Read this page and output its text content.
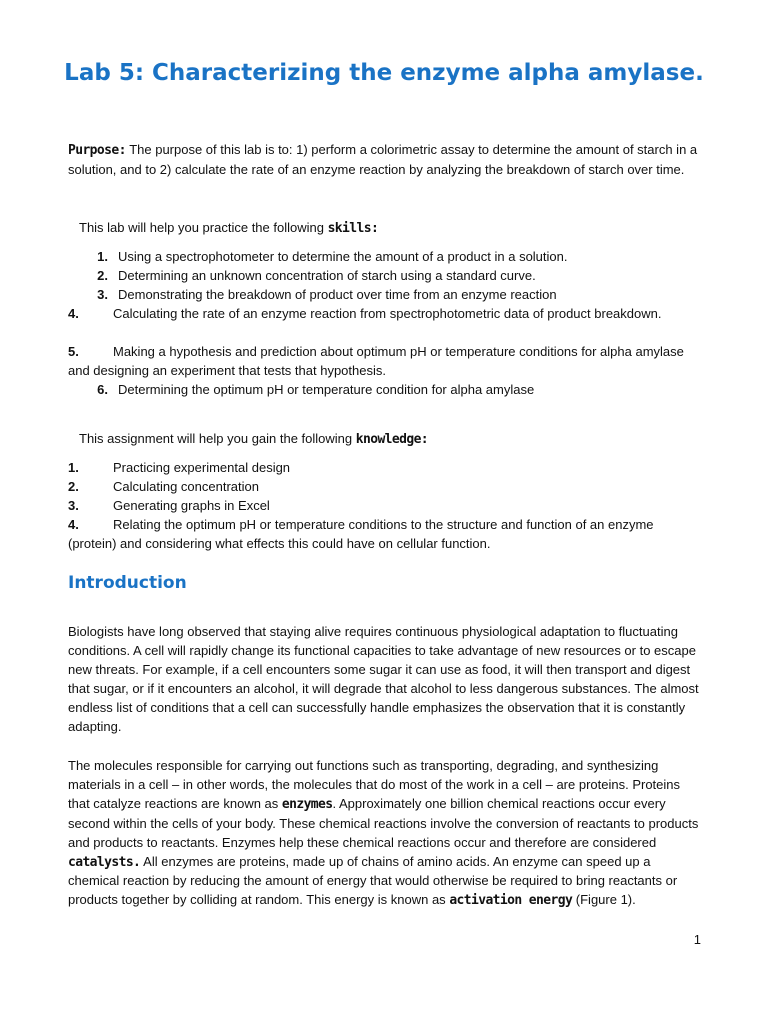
Lab 5: Characterizing the enzyme alpha amylase.

Purpose: The purpose of this lab is to: 1) perform a colorimetric assay to determine the amount of starch in a solution, and to 2) calculate the rate of an enzyme reaction by analyzing the breakdown of starch over time.

This lab will help you practice the following skills:

1. Using a spectrophotometer to determine the amount of a product in a solution.
2. Determining an unknown concentration of starch using a standard curve.
3. Demonstrating the breakdown of product over time from an enzyme reaction
4.	Calculating the rate of an enzyme reaction from spectrophotometric data of product breakdown.
5.	Making a hypothesis and prediction about optimum pH or temperature conditions for alpha amylase and designing an experiment that tests that hypothesis.
6. Determining the optimum pH or temperature condition for alpha amylase

This assignment will help you gain the following knowledge:

1.	Practicing experimental design
2.	Calculating concentration
3.	Generating graphs in Excel
4.	Relating the optimum pH or temperature conditions to the structure and function of an enzyme (protein) and considering what effects this could have on cellular function.
Introduction

Biologists have long observed that staying alive requires continuous physiological adaptation to fluctuating conditions. A cell will rapidly change its functional capacities to take advantage of new resources or to escape new threats. For example, if a cell encounters some sugar it can use as food, it will then transport and digest that sugar, or if it encounters an alcohol, it will degrade that alcohol to less dangerous substances. The almost endless list of conditions that a cell can successfully handle emphasizes the observation that it is constantly adapting.

The molecules responsible for carrying out functions such as transporting, degrading, and synthesizing materials in a cell – in other words, the molecules that do most of the work in a cell – are proteins. Proteins that catalyze reactions are known as enzymes. Approximately one billion chemical reactions occur every second within the cells of your body. These chemical reactions involve the conversion of reactants to products and products to reactants. Enzymes help these chemical reactions occur and therefore are considered catalysts. All enzymes are proteins, made up of chains of amino acids. An enzyme can speed up a chemical reaction by reducing the amount of energy that would otherwise be required to bring reactants or products together by colliding at random. This energy is known as activation energy (Figure 1).

1
